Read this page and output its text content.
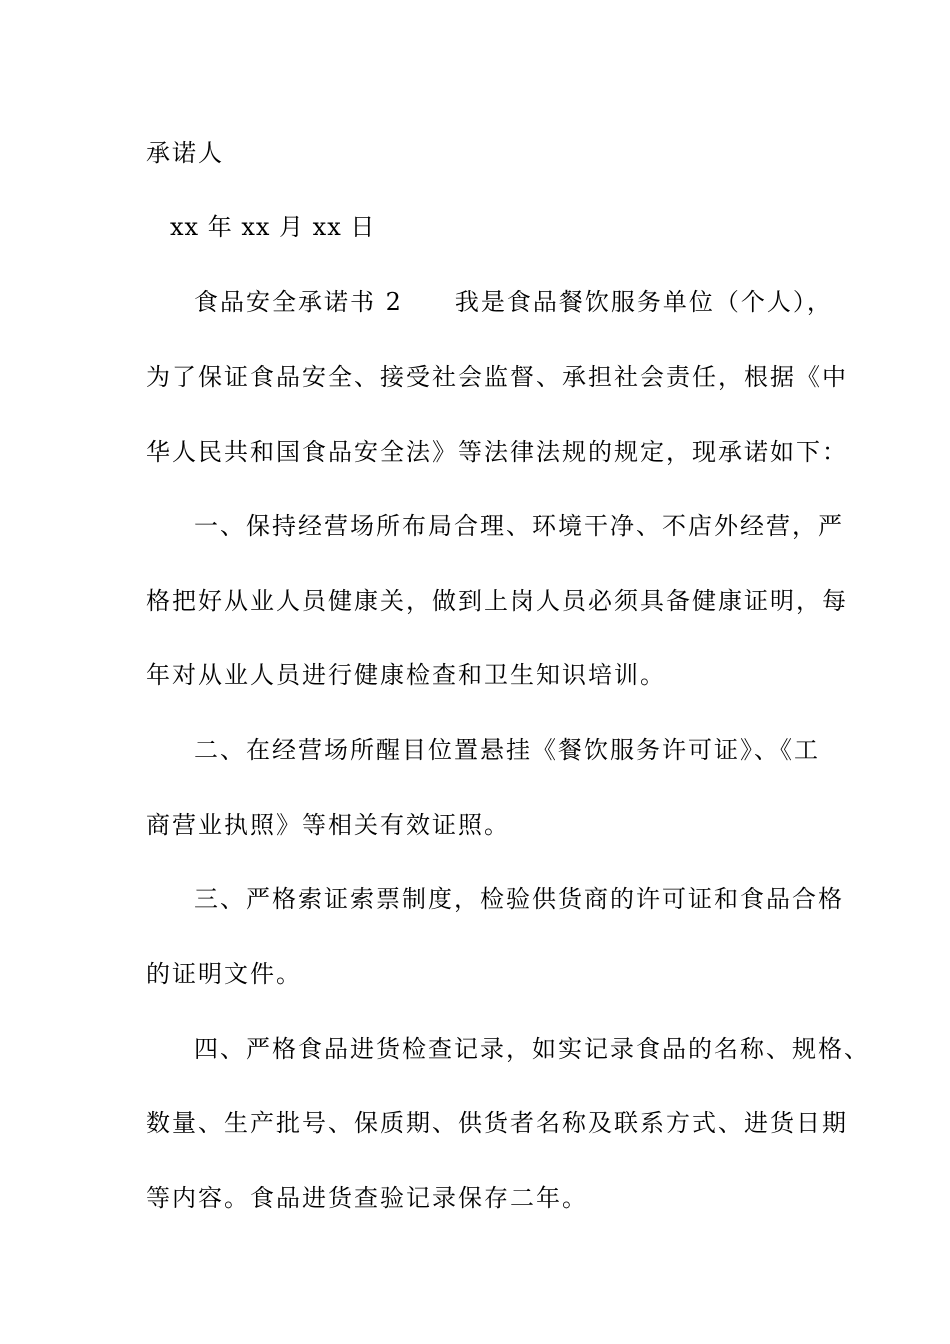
承诺人
xx 年 xx 月 xx 日
食品安全承诺书 2 我是食品餐饮服务单位（个人），
为了保证食品安全、接受社会监督、承担社会责任，根据《中
华人民共和国食品安全法》等法律法规的规定，现承诺如下：
一、保持经营场所布局合理、环境干净、不店外经营，严
格把好从业人员健康关，做到上岗人员必须具备健康证明，每
年对从业人员进行健康检查和卫生知识培训。
二、在经营场所醒目位置悬挂《餐饮服务许可证》、《工
商营业执照》等相关有效证照。
三、严格索证索票制度，检验供货商的许可证和食品合格
的证明文件。
四、严格食品进货检查记录，如实记录食品的名称、规格、
数量、生产批号、保质期、供货者名称及联系方式、进货日期
等内容。食品进货查验记录保存二年。
